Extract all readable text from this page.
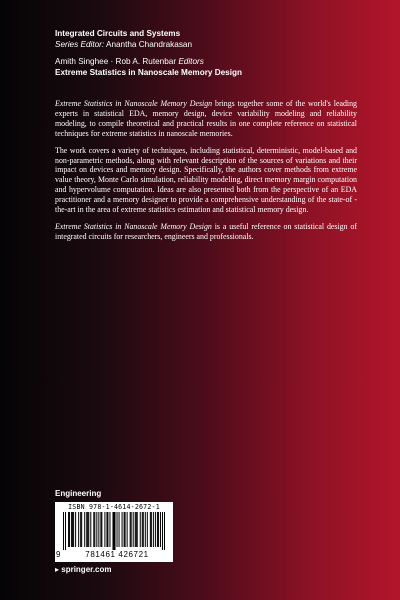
Integrated Circuits and Systems
Series Editor: Anantha Chandrakasan
Amith Singhee · Rob A. Rutenbar Editors
Extreme Statistics in Nanoscale Memory Design

Extreme Statistics in Nanoscale Memory Design brings together some of the world's leading experts in statistical EDA, memory design, device variability modeling and reliability modeling, to compile theoretical and practical results in one complete reference on statistical techniques for extreme statistics in nanoscale memories.

The work covers a variety of techniques, including statistical, deterministic, model-based and non-parametric methods, along with relevant description of the sources of variations and their impact on devices and memory design. Specifically, the authors cover methods from extreme value theory, Monte Carlo simulation, reliability modeling, direct memory margin computation and hypervolume computation. Ideas are also presented both from the perspective of an EDA practitioner and a memory designer to provide a comprehensive understanding of the state-of -the-art in the area of extreme statistics estimation and statistical memory design.

Extreme Statistics in Nanoscale Memory Design is a useful reference on statistical design of integrated circuits for researchers, engineers and professionals.

Engineering
ISBN 978-1-4614-2672-1
9	781461 426721
▸ springer.com
